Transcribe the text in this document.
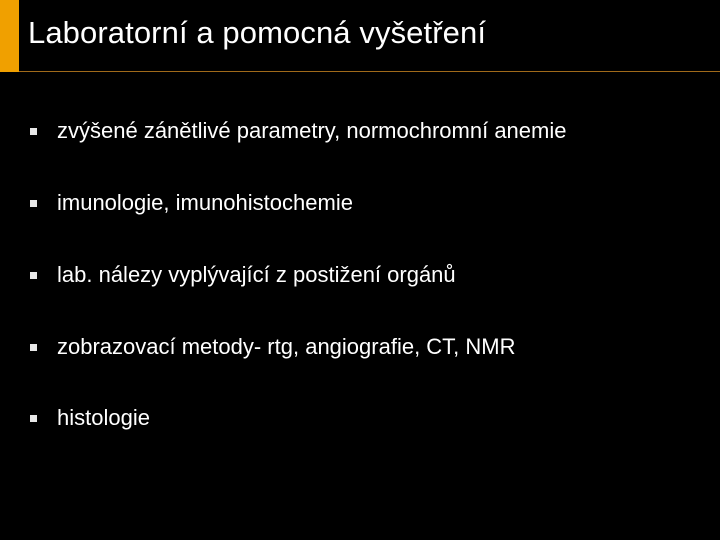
Laboratorní a pomocná vyšetření
zvýšené zánětlivé parametry, normochromní anemie
imunologie, imunohistochemie
lab. nálezy vyplývající z postižení orgánů
zobrazovací metody- rtg, angiografie, CT, NMR
histologie
